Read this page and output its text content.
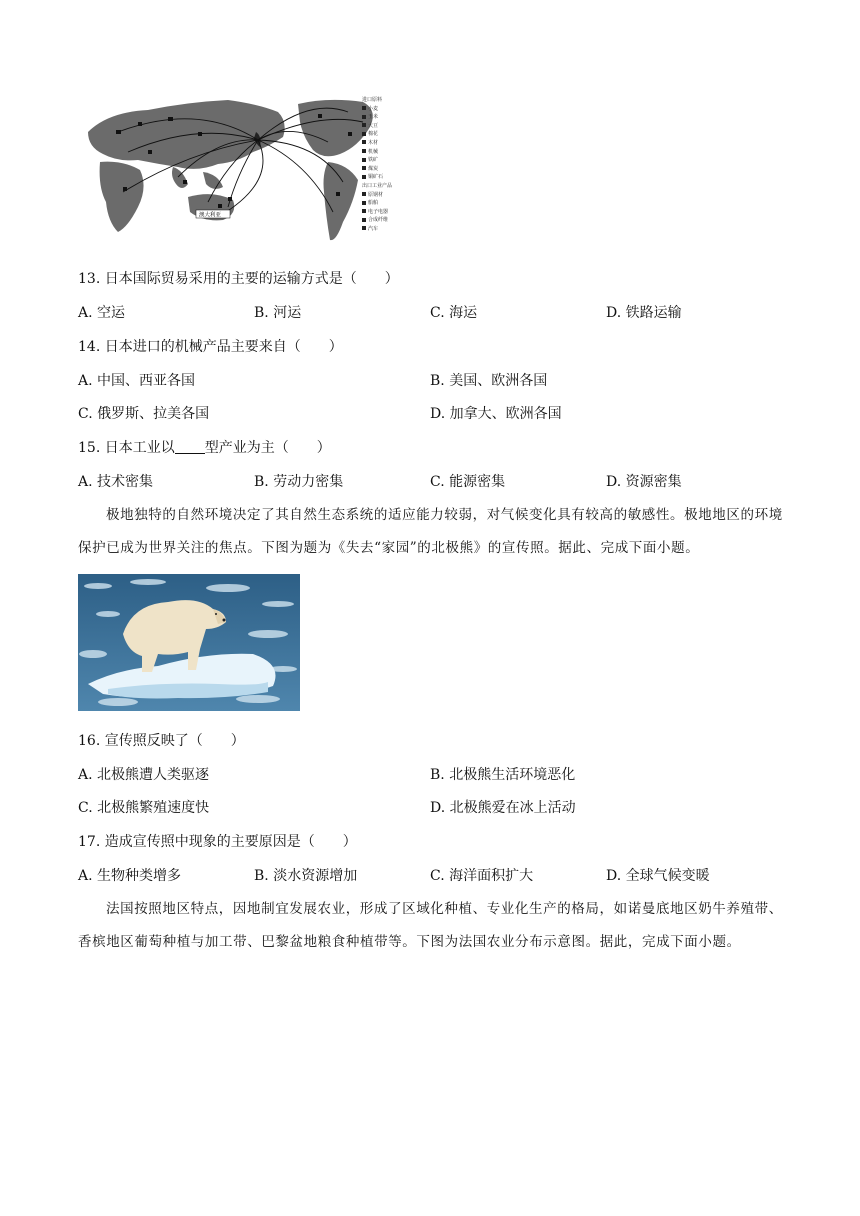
澳大利亚
进口原料
小麦
玉米
大豆
棉花
木材
机械
铁矿
煤炭
铜矿石
出口工业产品
原钢材
船舶
电子电器
合成纤维
汽车
13. 日本国际贸易采用的主要的运输方式是（　　）
A. 空运	B. 河运	C. 海运	D. 铁路运输
14. 日本进口的机械产品主要来自（　　）
A. 中国、西亚各国	B. 美国、欧洲各国
C. 俄罗斯、拉美各国	D. 加拿大、欧洲各国
15. 日本工业以 型产业为主（　　）
A. 技术密集	B. 劳动力密集	C. 能源密集	D. 资源密集
极地独特的自然环境决定了其自然生态系统的适应能力较弱，对气候变化具有较高的敏感性。极地地区的环境保护已成为世界关注的焦点。下图为题为《失去“家园”的北极熊》的宣传照。据此、完成下面小题。
16. 宣传照反映了（　　）
A. 北极熊遭人类驱逐	B. 北极熊生活环境恶化
C. 北极熊繁殖速度快	D. 北极熊爱在冰上活动
17. 造成宣传照中现象的主要原因是（　　）
A. 生物种类增多	B. 淡水资源增加	C. 海洋面积扩大	D. 全球气候变暖
法国按照地区特点，因地制宜发展农业，形成了区域化种植、专业化生产的格局，如诺曼底地区奶牛养殖带、香槟地区葡萄种植与加工带、巴黎盆地粮食种植带等。下图为法国农业分布示意图。据此，完成下面小题。
